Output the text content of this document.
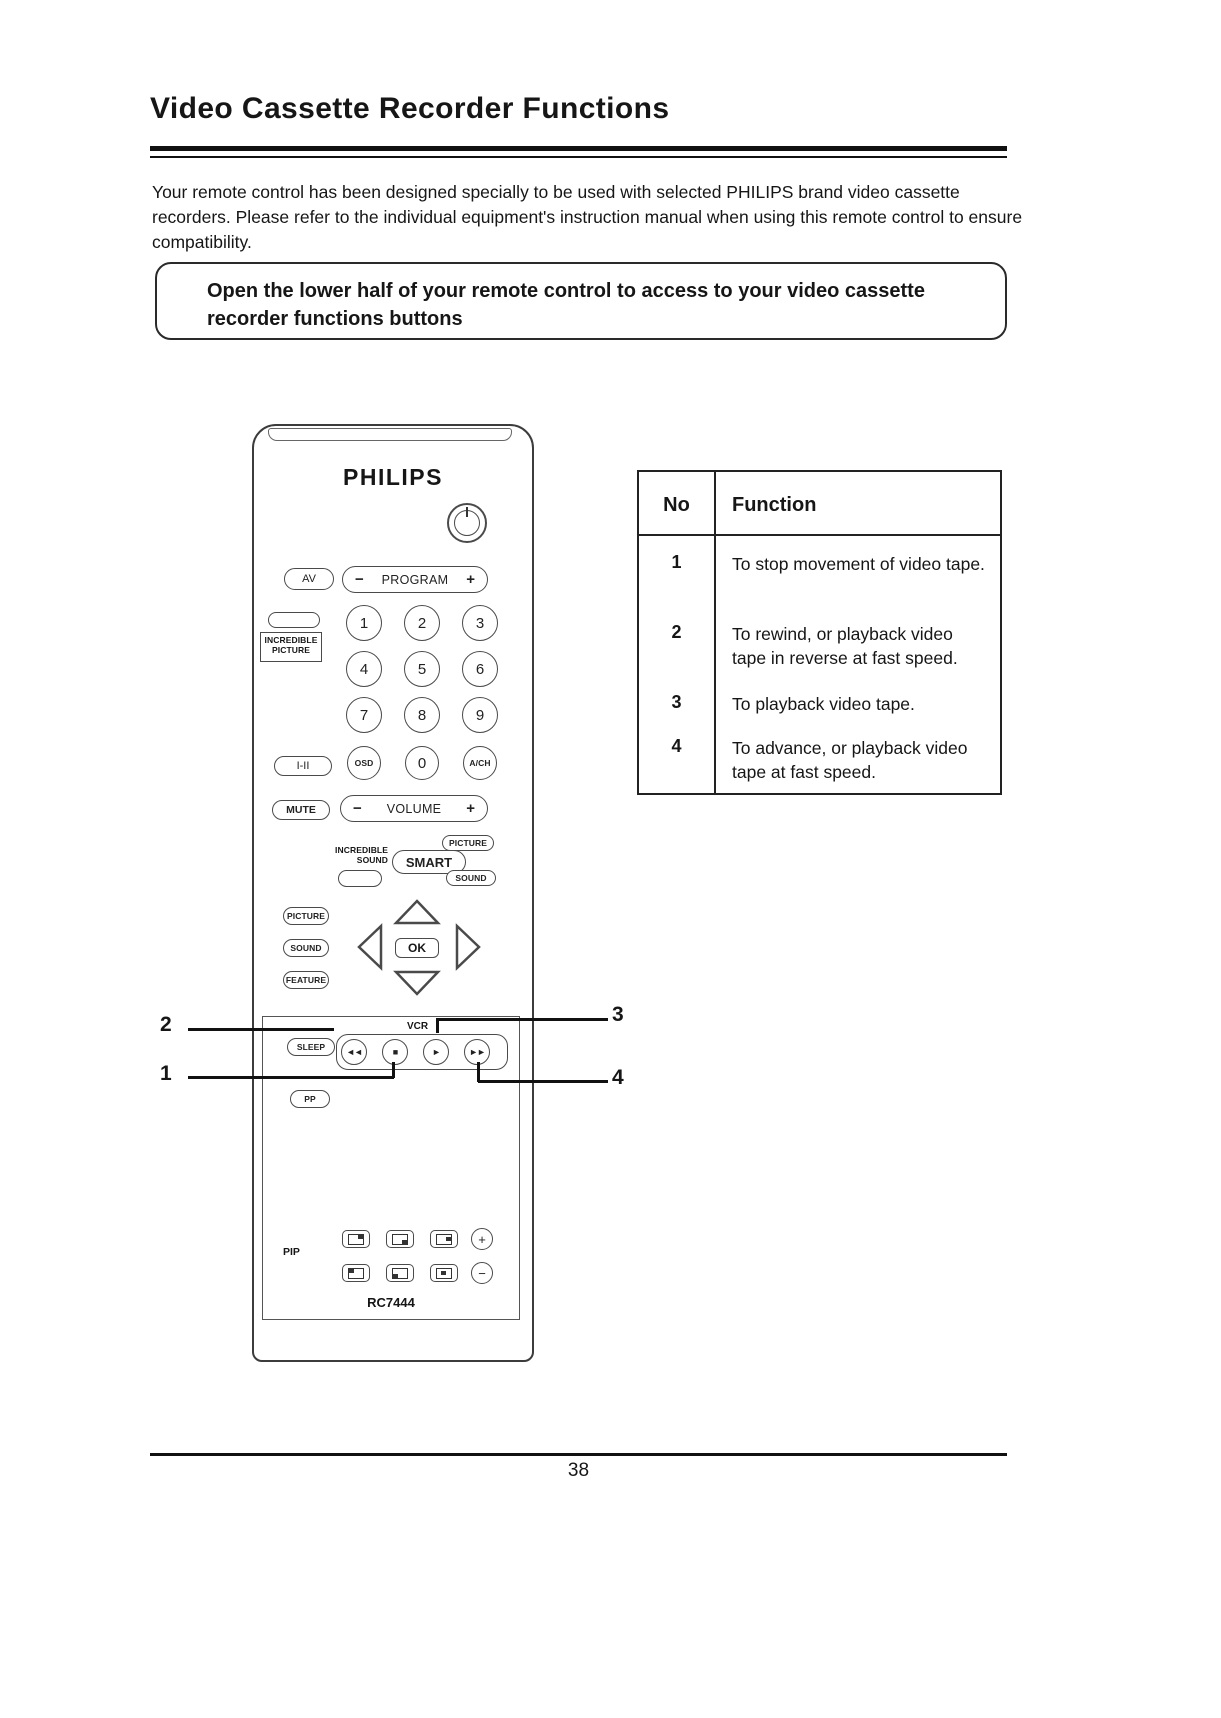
Video Cassette Recorder Functions
Your remote control has been designed specially to be used with selected PHILIPS brand video cassette recorders. Please refer to the individual equipment's instruction manual when using this remote control to ensure compatibility.
Open the lower half of your remote control to access to your video cassette recorder functions buttons
PHILIPS
AV	− PROGRAM +
INCREDIBLE
PICTURE
1	2	3
4	5	6
7	8	9
I-II	OSD	0	A/CH
MUTE	− VOLUME +
INCREDIBLE
SOUND
PICTURE
SMART
SOUND
PICTURE
SOUND
FEATURE
OK
SLEEP
VCR
◄◄	■	►	►►
PP
PIP
+
−
RC7444
2
1
3
4
No	Function
1	To stop movement of video tape.
2	To rewind, or playback video tape in reverse at fast speed.
3	To playback video tape.
4	To advance, or playback video tape at fast speed.
38
